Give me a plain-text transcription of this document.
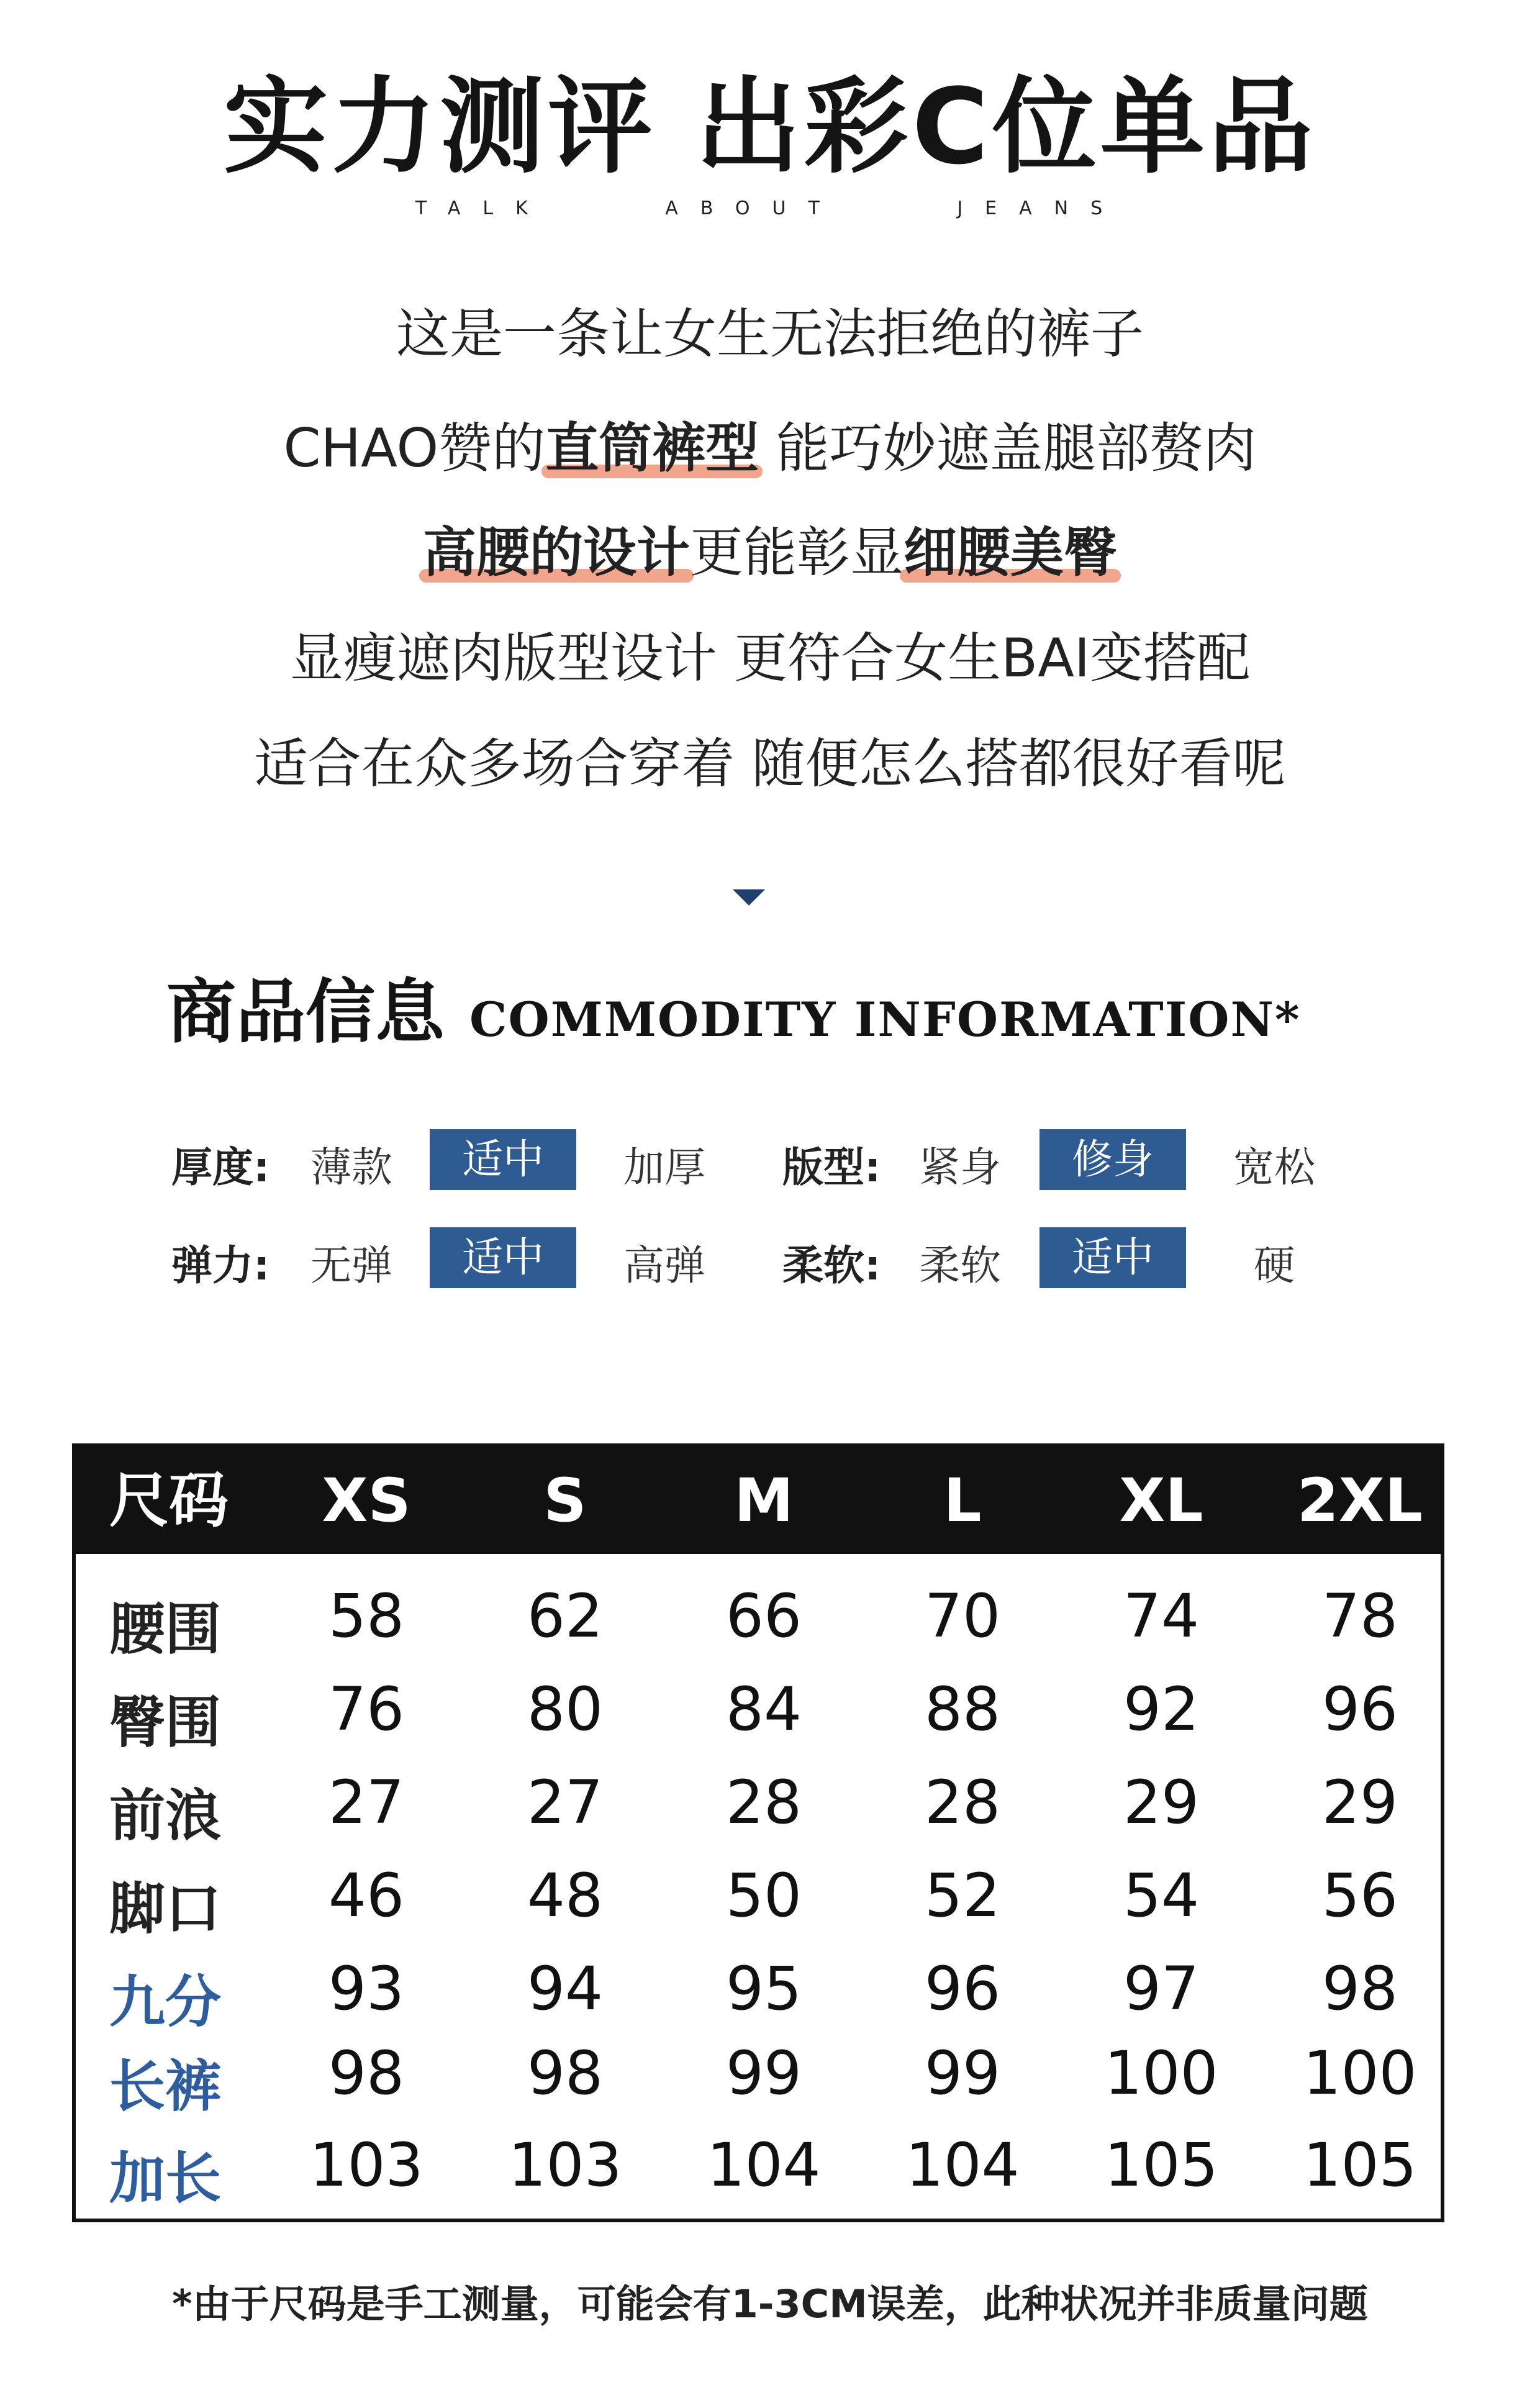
实力测评 出彩C位单品
TALK	ABOUT	JEANS
这是一条让女生无法拒绝的裤子
CHAO赞的直筒裤型 能巧妙遮盖腿部赘肉
高腰的设计更能彰显细腰美臀
显瘦遮肉版型设计 更符合女生BAI变搭配
适合在众多场合穿着 随便怎么搭都很好看呢
商品信息 COMMODITY INFORMATION*
厚度: 薄款	适中	加厚 版型: 紧身	修身	宽松
弹力: 无弹	适中	高弹 柔软: 柔软	适中	硬
尺码	XS	S	M	L	XL	2XL
腰围	58	62	66	70	74	78
臀围	76	80	84	88	92	96
前浪	27	27	28	28	29	29
脚口	46	48	50	52	54	56
九分	93	94	95	96	97	98
长裤	98	98	99	99	100 100
加长 103 103 104 104 105 105
*由于尺码是手工测量，可能会有1-3CM误差，此种状况并非质量问题
